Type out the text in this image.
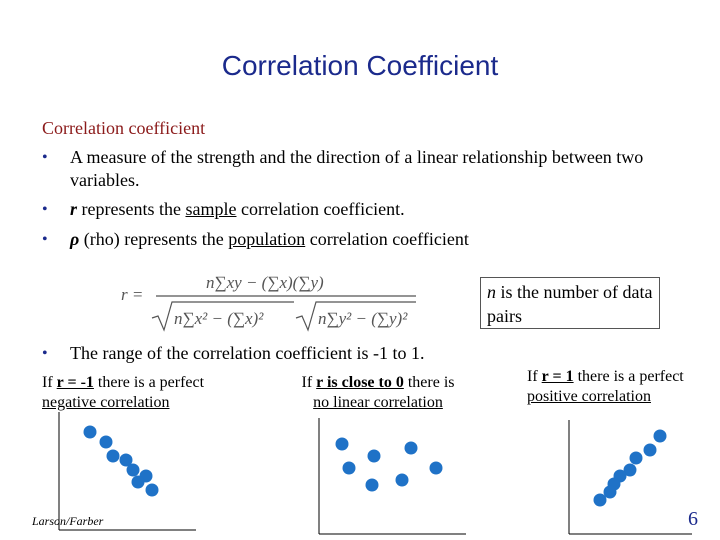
Correlation Coefficient
Correlation coefficient
• A measure of the strength and the direction of a linear relationship between two variables.
• r represents the sample correlation coefficient.
• ρ (rho) represents the population correlation coefficient
r =
n∑xy − (∑x)(∑y)
n∑x² − (∑x)²	n∑y² − (∑y)²
n is the number of data pairs
• The range of the correlation coefficient is -1 to 1.
If r = -1 there is a perfect
negative correlation
If r is close to 0 there is
no linear correlation
If r = 1 there is a perfect
positive correlation
Larson/Farber	6
